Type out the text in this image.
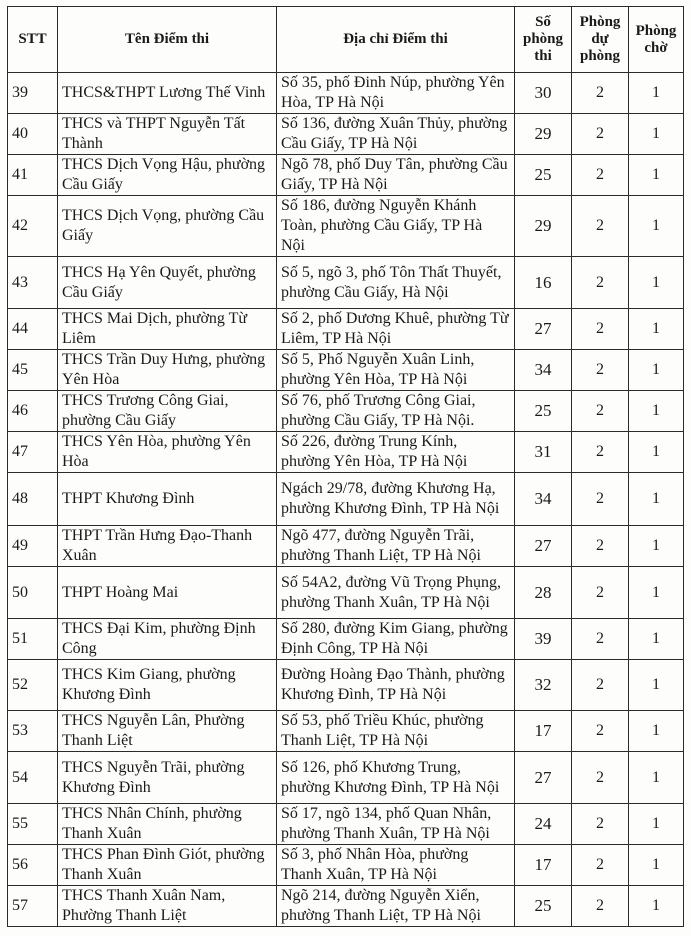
STT	Tên Điểm thi	Địa chỉ Điểm thi	Số phòng thi	Phòng dự phòng	Phòng chờ
39	THCS&THPT Lương Thế Vinh	Số 35, phố Đinh Núp, phường Yên Hòa, TP Hà Nội	30	2	1
40	THCS và THPT Nguyễn Tất Thành	Số 136, đường Xuân Thủy, phường Cầu Giấy, TP Hà Nội	29	2	1
41	THCS Dịch Vọng Hậu, phường Cầu Giấy	Ngõ 78, phố Duy Tân, phường Cầu Giấy, TP Hà Nội	25	2	1
42	THCS Dịch Vọng, phường Cầu Giấy	Số 186, đường Nguyễn Khánh Toàn, phường Cầu Giấy, TP Hà Nội	29	2	1
43	THCS Hạ Yên Quyết, phường Cầu Giấy	Số 5, ngõ 3, phố Tôn Thất Thuyết, phường Cầu Giấy, Hà Nội	16	2	1
44	THCS Mai Dịch, phường Từ Liêm	Số 2, phố Dương Khuê, phường Từ Liêm, TP Hà Nội	27	2	1
45	THCS Trần Duy Hưng, phường Yên Hòa	Số 5, Phố Nguyễn Xuân Linh, phường Yên Hòa, TP Hà Nội	34	2	1
46	THCS Trương Công Giai, phường Cầu Giấy	Số 76, phố Trương Công Giai, phường Cầu Giấy, TP Hà Nội.	25	2	1
47	THCS Yên Hòa, phường Yên Hòa	Số 226, đường Trung Kính, phường Yên Hòa, TP Hà Nội	31	2	1
48	THPT Khương Đình	Ngách 29/78, đường Khương Hạ, phường Khương Đình, TP Hà Nội	34	2	1
49	THPT Trần Hưng Đạo-Thanh Xuân	Ngõ 477, đường Nguyễn Trãi, phường Thanh Liệt, TP Hà Nội	27	2	1
50	THPT Hoàng Mai	Số 54A2, đường Vũ Trọng Phụng, phường Thanh Xuân, TP Hà Nội	28	2	1
51	THCS Đại Kim, phường Định Công	Số 280, đường Kim Giang, phường Định Công, TP Hà Nội	39	2	1
52	THCS Kim Giang, phường Khương Đình	Đường Hoàng Đạo Thành, phường Khương Đình, TP Hà Nội	32	2	1
53	THCS Nguyễn Lân, Phường Thanh Liệt	Số 53, phố Triều Khúc, phường Thanh Liệt, TP Hà Nội	17	2	1
54	THCS Nguyễn Trãi, phường Khương Đình	Số 126, phố Khương Trung, phường Khương Đình, TP Hà Nội	27	2	1
55	THCS Nhân Chính, phường Thanh Xuân	Số 17, ngõ 134, phố Quan Nhân, phường Thanh Xuân, TP Hà Nội	24	2	1
56	THCS Phan Đình Giót, phường Thanh Xuân	Số 3, phố Nhân Hòa, phường Thanh Xuân, TP Hà Nội	17	2	1
57	THCS Thanh Xuân Nam, Phường Thanh Liệt	Ngõ 214, đường Nguyễn Xiển, phường Thanh Liệt, TP Hà Nội	25	2	1
